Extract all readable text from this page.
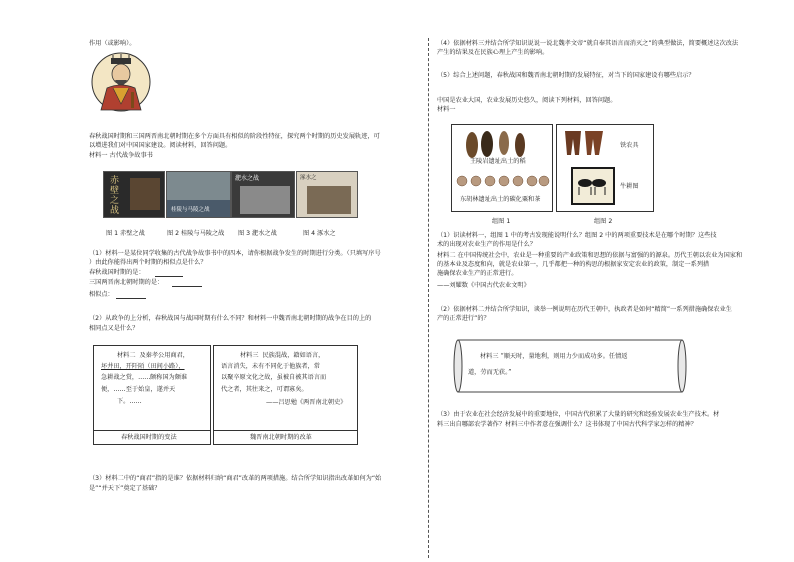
作用（或影响）。
春秋战国时期和三国两晋南北朝时期在多个方面具有相似的阶段性特征，探究两个时期的历史发展轨迹，可
以增进我们对中国国家建设。阅读材料，回答问题。
材料一 古代战争故事书
赤壁之战
图 1 赤壁之战
桂陵与马陵之战
图 2 桂陵与马陵之战
淝水之战
图 3 淝水之战
涿水之
图 4 涿水之
（1）材料一是某位同学收集的古代战争故事书中的四本，请你根据战争发生的时期进行分类。（只填写序号
）由此你能得出两个时期的相似点是什么？
春秋战国时期的是：
三国两晋南北朝时期的是：
相似点：
（2）从政争的上分析，春秋战国与战国时期有什么不同？和材料一中魏晋南北朝时期的战争在目的上的
相同点又是什么？
材料二 及秦孝公用商君，
坏井田，开阡陌（田间小路），
急耕战之赏，…… 颇称国为颇谁
便，……至于始皇，遂并天
下。……
春秋战国时期的变法
材料三 民族混战，籍如语言，
语言消失，未有不同化于他族者，常
以聚卒原文化之故，虽被自被其语言而
代之者，其往来之，可谓寡矣。
——吕思勉《两晋南北朝史》
魏晋南北朝时期的改革
（3）材料二中的“商君”指的是谁？依据材料归纳“商君”改革的两项措施。结合所学知识指出改革如何为“始
是”“并天下”奠定了基础？
（4）依据材料三并结合所学知识说说一说北魏孝文帝“就自奉其语言而消灭之”的典型做法，简要概述这次改法
产生的结果及在民族心理上产生的影响。
（5）综合上述问题，春秋战国和魏晋南北朝时期的发展特征，对当下的国家建设有哪些启示？
中国是农业大国，农业发展历史悠久，阅读下列材料，回答问题。
材料一
王陵岩遗址出土的稻
东胡林遗址出土的碳化粟和茶
组图 1
铁农具
牛耕图
组图 2
（1）识读材料一，组图 1 中的考古发现能说明什么？组图 2 中的两项重要技术是在哪个时期？这些技
术的出现对农业生产的作用是什么？
材料二 在中国传统社会中，农业是一种重要的产业政策和思想的依据与富强的的源泉。历代王朝以农业为国家和
的基本业及态度和向，就是农业第一，几乎都把一种的构思的根据家安定农业的政策，制定一系列措
施确保农业生产的正常进行。
——刘耀数《中国古代农业文明》
（2）依据材料二并结合所学知识，谈举一例说明在历代王朝中，执政者是如何“精简”一系列措施确保农业生
产的正常进行”的？
材料三 “顺天时，量地利，则用力少而成功多。任情返
道，劳而无获。”
（3）由于农业在社会经济发展中的重要地位，中国古代积累了大量的研究和经验发展农业生产技术。材
料三出自哪部农学著作？材料三中作者意在强调什么？这书体现了中国古代科学家怎样的精神？
